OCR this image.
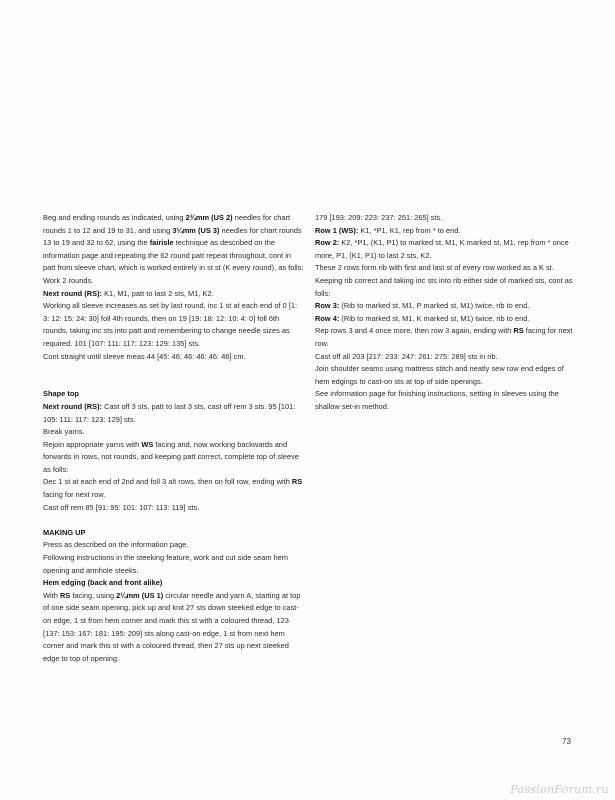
Beg and ending rounds as indicated, using 2¾mm (US 2) needles for chart rounds 1 to 12 and 19 to 31, and using 3¼mm (US 3) needles for chart rounds 13 to 19 and 32 to 62, using the fairisle technique as described on the information page and repeating the 62 round patt repeat throughout, cont in patt from sleeve chart, which is worked entirely in st st (K every round), as folls:

Work 2 rounds.

Next round (RS): K1, M1, patt to last 2 sts, M1, K2.

Working all sleeve increases as set by last round, inc 1 st at each end of 0 [1: 3: 12: 15: 24: 30] foll 4th rounds, then on 19 [19: 18: 12: 10: 4: 0] foll 6th rounds, taking inc sts into patt and remembering to change needle sizes as required. 101 [107: 111: 117: 123: 129: 135] sts.

Cont straight until sleeve meas 44 [45: 46: 46: 46: 46: 46] cm.

Shape top

Next round (RS): Cast off 3 sts, patt to last 3 sts, cast off rem 3 sts. 95 [101: 105: 111: 117: 123: 129] sts.

Break yarns.

Rejoin appropriate yarns with WS facing and, now working backwards and forwards in rows, not rounds, and keeping patt correct, complete top of sleeve as folls:

Dec 1 st at each end of 2nd and foll 3 alt rows, then on foll row, ending with RS facing for next row.

Cast off rem 85 [91: 95: 101: 107: 113: 119] sts.

MAKING UP

Press as described on the information page.

Following instructions in the steeking feature, work and cut side seam hem opening and armhole steeks.

Hem edging (back and front alike)

With RS facing, using 2¼mm (US 1) circular needle and yarn A, starting at top of one side seam opening, pick up and knit 27 sts down steeked edge to cast-on edge, 1 st from hem corner and mark this st with a coloured thread, 123 [137: 153: 167: 181: 195: 209] sts along cast-on edge, 1 st from next hem corner and mark this st with a coloured thread, then 27 sts up next steeked edge to top of opening.

179 [193: 209: 223: 237: 251: 265] sts.

Row 1 (WS): K1, *P1, K1, rep from * to end.

Row 2: K2, *P1, (K1, P1) to marked st, M1, K marked st, M1, rep from * once more, P1, (K1, P1) to last 2 sts, K2.

These 2 rows form rib with first and last st of every row worked as a K st.

Keeping rib correct and taking inc sts into rib either side of marked sts, cont as folls:

Row 3: (Rib to marked st, M1, P marked st, M1) twice, rib to end.

Row 4: (Rib to marked st, M1, K marked st, M1) twice, rib to end.

Rep rows 3 and 4 once more, then row 3 again, ending with RS facing for next row.

Cast off all 203 [217: 233: 247: 261: 275: 289] sts in rib.

Join shoulder seams using mattress stitch and neatly sew row end edges of hem edgings to cast-on sts at top of side openings.

See information page for finishing instructions, setting in sleeves using the shallow set-in method.

73
PassionForum.ru
